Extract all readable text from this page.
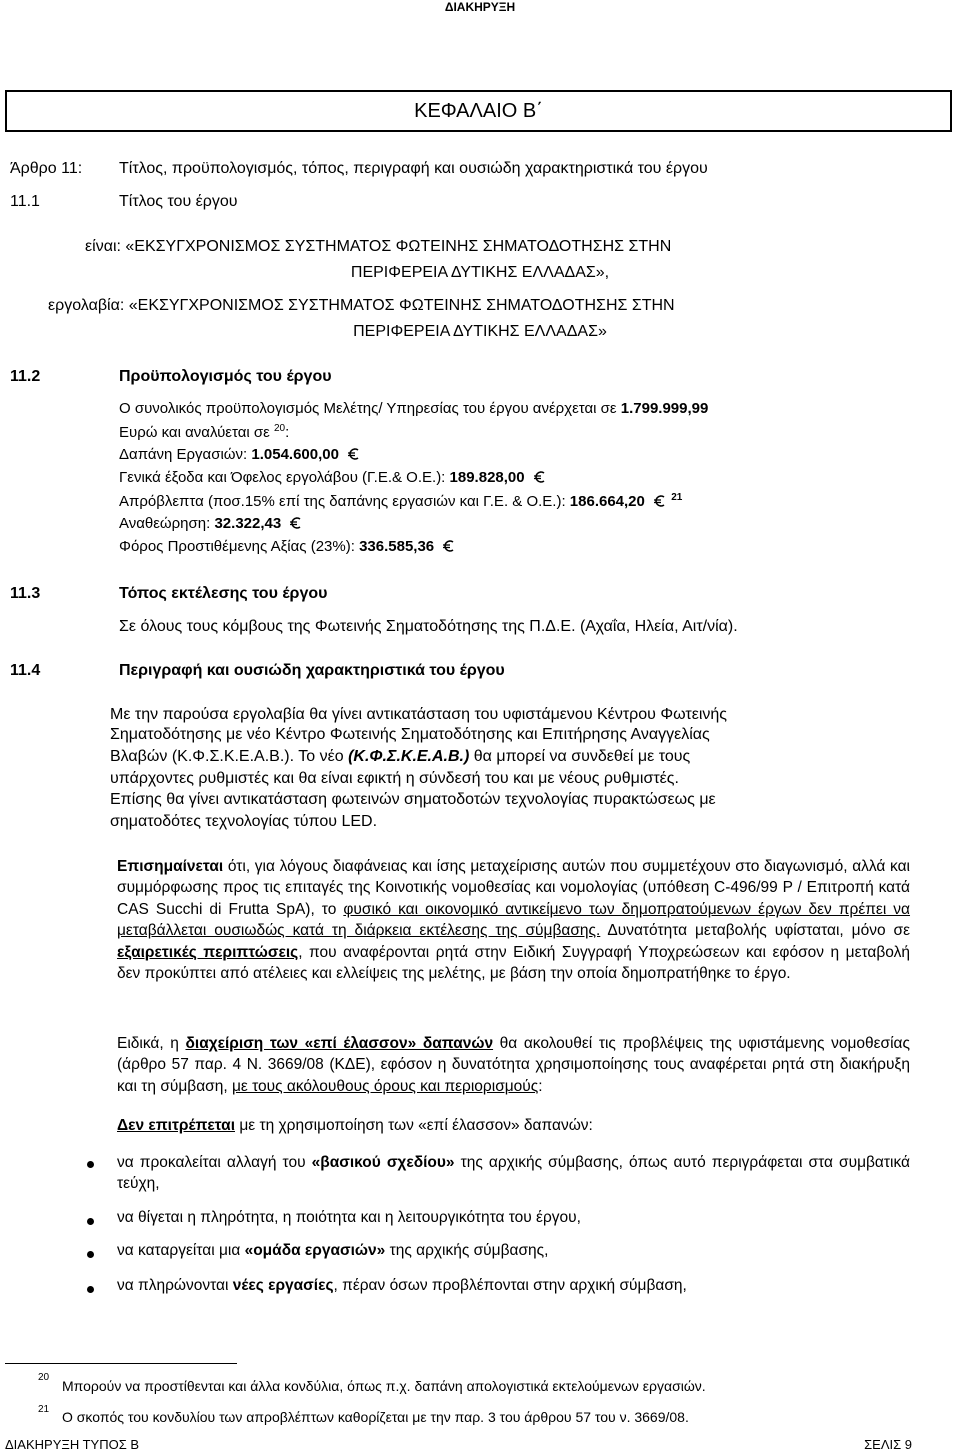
ΔΙΑΚΗΡΥΞΗ
ΚΕΦΑΛΑΙΟ Β΄
Άρθρο 11: Τίτλος, προϋπολογισμός, τόπος, περιγραφή και ουσιώδη χαρακτηριστικά του έργου
11.1	Τίτλος του έργου
είναι: «ΕΚΣΥΓΧΡΟΝΙΣΜΟΣ ΣΥΣΤΗΜΑΤΟΣ ΦΩΤΕΙΝΗΣ ΣΗΜΑΤΟΔΟΤΗΣΗΣ ΣΤΗΝ
ΠΕΡΙΦΕΡΕΙΑ ΔΥΤΙΚΗΣ ΕΛΛΑΔΑΣ»,
εργολαβία: «ΕΚΣΥΓΧΡΟΝΙΣΜΟΣ ΣΥΣΤΗΜΑΤΟΣ ΦΩΤΕΙΝΗΣ ΣΗΜΑΤΟΔΟΤΗΣΗΣ ΣΤΗΝ
ΠΕΡΙΦΕΡΕΙΑ ΔΥΤΙΚΗΣ ΕΛΛΑΔΑΣ»
11.2	Προϋπολογισμός του έργου
Ο συνολικός προϋπολογισμός Μελέτης/ Υπηρεσίας του έργου ανέρχεται σε 1.799.999,99
Ευρώ και αναλύεται σε $^{20}$:
Δαπάνη Εργασιών: 1.054.600,00
Γενικά έξοδα και Όφελος εργολάβου (Γ.Ε.& Ο.Ε.): 189.828,00
Απρόβλεπτα (ποσ.15% επί της δαπάνης εργασιών και Γ.Ε. & Ο.Ε.): 186.664,20	$^{21}$
Αναθεώρηση: 32.322,43
Φόρος Προστιθέμενης Αξίας (23%): 336.585,36
11.3	Τόπος εκτέλεσης του έργου
Σε όλους τους κόμβους της Φωτεινής Σηματοδότησης της Π.Δ.Ε. (Αχαΐα, Ηλεία, Αιτ/νία).
11.4	Περιγραφή και ουσιώδη χαρακτηριστικά του έργου
Με την παρούσα εργολαβία θα γίνει αντικατάσταση του υφιστάμενου Κέντρου Φωτεινής
Σηματοδότησης με νέο Κέντρο Φωτεινής Σηματοδότησης και Επιτήρησης Αναγγελίας
Βλαβών (Κ.Φ.Σ.Κ.Ε.Α.Β.). Το νέο (Κ.Φ.Σ.Κ.Ε.Α.Β.) θα μπορεί να συνδεθεί με τους
υπάρχοντες ρυθμιστές και θα είναι εφικτή η σύνδεσή του και με νέους ρυθμιστές.
Επίσης θα γίνει αντικατάσταση φωτεινών σηματοδοτών τεχνολογίας πυρακτώσεως με
σηματοδότες τεχνολογίας τύπου LED.
Επισημαίνεται ότι, για λόγους διαφάνειας και ίσης μεταχείρισης αυτών που συμμετέχουν στο διαγωνισμό, αλλά και συμμόρφωσης προς τις επιταγές της Κοινοτικής νομοθεσίας και νομολογίας (υπόθεση C-496/99 Ρ / Επιτροπή κατά CAS Succhi di Frutta SpA), το φυσικό και οικονομικό αντικείμενο των δημοπρατούμενων έργων δεν πρέπει να μεταβάλλεται ουσιωδώς κατά τη διάρκεια εκτέλεσης της σύμβασης. Δυνατότητα μεταβολής υφίσταται, μόνο σε εξαιρετικές περιπτώσεις, που αναφέρονται ρητά στην Ειδική Συγγραφή Υποχρεώσεων και εφόσον η μεταβολή δεν προκύπτει από ατέλειες και ελλείψεις της μελέτης, με βάση την οποία δημοπρατήθηκε το έργο.
Ειδικά, η διαχείριση των «επί έλασσον» δαπανών θα ακολουθεί τις προβλέψεις της υφιστάμενης νομοθεσίας (άρθρο 57 παρ. 4 Ν. 3669/08 (ΚΔΕ), εφόσον η δυνατότητα χρησιμοποίησης τους αναφέρεται ρητά στη διακήρυξη και τη σύμβαση, με τους ακόλουθους όρους και περιορισμούς:
Δεν επιτρέπεται με τη χρησιμοποίηση των «επί έλασσον» δαπανών:
να προκαλείται αλλαγή του «βασικού σχεδίου» της αρχικής σύμβασης, όπως αυτό περιγράφεται στα συμβατικά τεύχη,
να θίγεται η πληρότητα, η ποιότητα και η λειτουργικότητα του έργου,
να καταργείται μια «ομάδα εργασιών» της αρχικής σύμβασης,
να πληρώνονται νέες εργασίες, πέραν όσων προβλέπονται στην αρχική σύμβαση,
20
Μπορούν να προστίθενται και άλλα κονδύλια, όπως π.χ. δαπάνη απολογιστικά εκτελούμενων εργασιών.
21 Ο σκοπός του κονδυλίου των απροβλέπτων καθορίζεται με την παρ. 3 του άρθρου 57 του ν. 3669/08.
ΔΙΑΚΗΡΥΞΗ ΤΥΠΟΣ Β	ΣΕΛΙΣ 9
